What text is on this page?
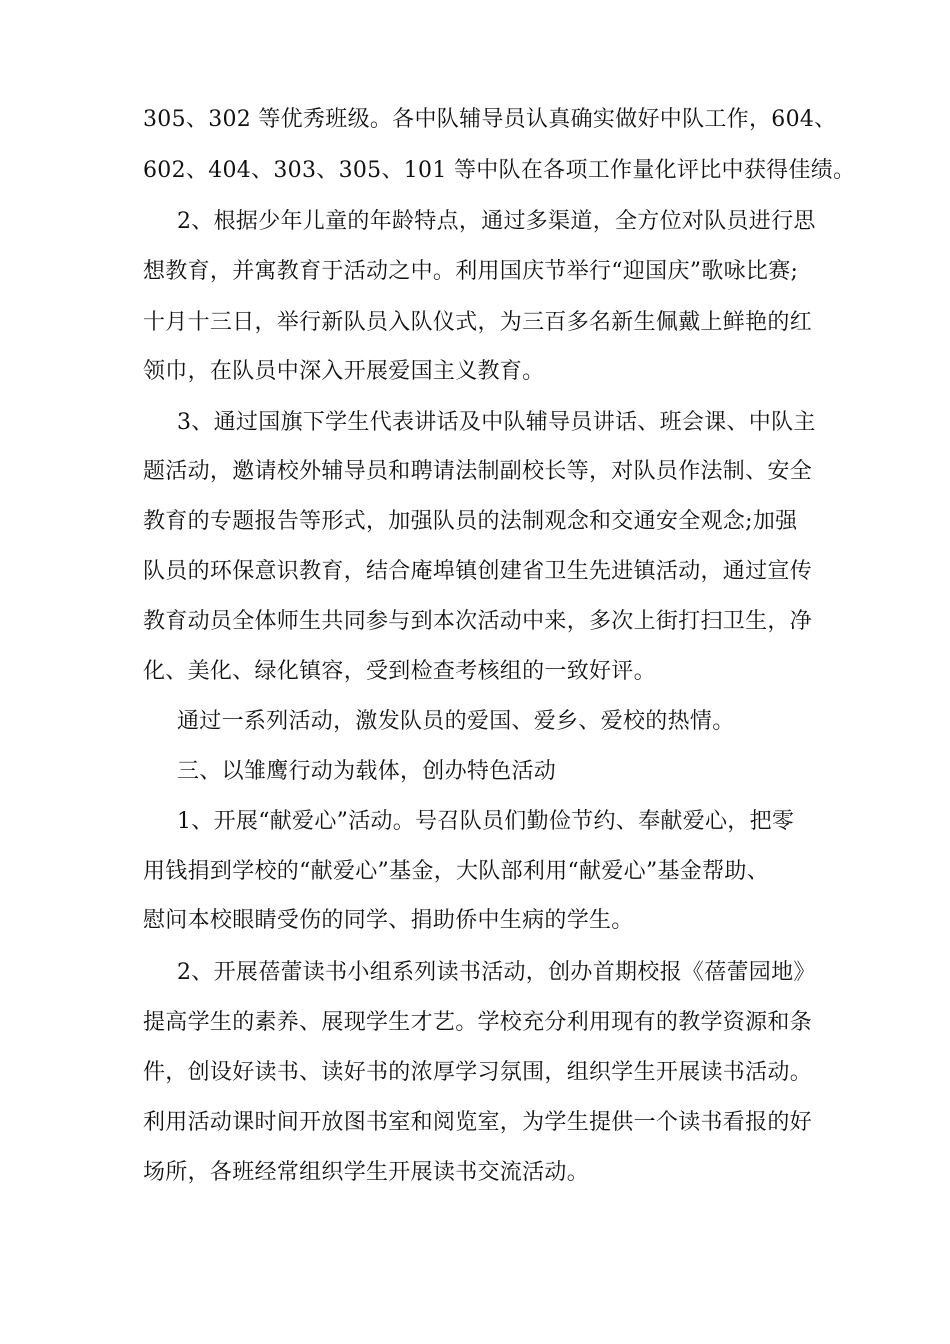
305、302 等优秀班级。各中队辅导员认真确实做好中队工作，604、
602、404、303、305、101 等中队在各项工作量化评比中获得佳绩。
2、根据少年儿童的年龄特点，通过多渠道，全方位对队员进行思
想教育，并寓教育于活动之中。利用国庆节举行“迎国庆”歌咏比赛;
十月十三日，举行新队员入队仪式，为三百多名新生佩戴上鲜艳的红
领巾，在队员中深入开展爱国主义教育。
3、通过国旗下学生代表讲话及中队辅导员讲话、班会课、中队主
题活动，邀请校外辅导员和聘请法制副校长等，对队员作法制、安全
教育的专题报告等形式，加强队员的法制观念和交通安全观念;加强
队员的环保意识教育，结合庵埠镇创建省卫生先进镇活动，通过宣传
教育动员全体师生共同参与到本次活动中来，多次上街打扫卫生，净
化、美化、绿化镇容，受到检查考核组的一致好评。
通过一系列活动，激发队员的爱国、爱乡、爱校的热情。
三、以雏鹰行动为载体，创办特色活动
1、开展“献爱心”活动。号召队员们勤俭节约、奉献爱心，把零
用钱捐到学校的“献爱心”基金，大队部利用“献爱心”基金帮助、
慰问本校眼睛受伤的同学、捐助侨中生病的学生。
2、开展蓓蕾读书小组系列读书活动，创办首期校报《蓓蕾园地》
提高学生的素养、展现学生才艺。学校充分利用现有的教学资源和条
件，创设好读书、读好书的浓厚学习氛围，组织学生开展读书活动。
利用活动课时间开放图书室和阅览室，为学生提供一个读书看报的好
场所，各班经常组织学生开展读书交流活动。
